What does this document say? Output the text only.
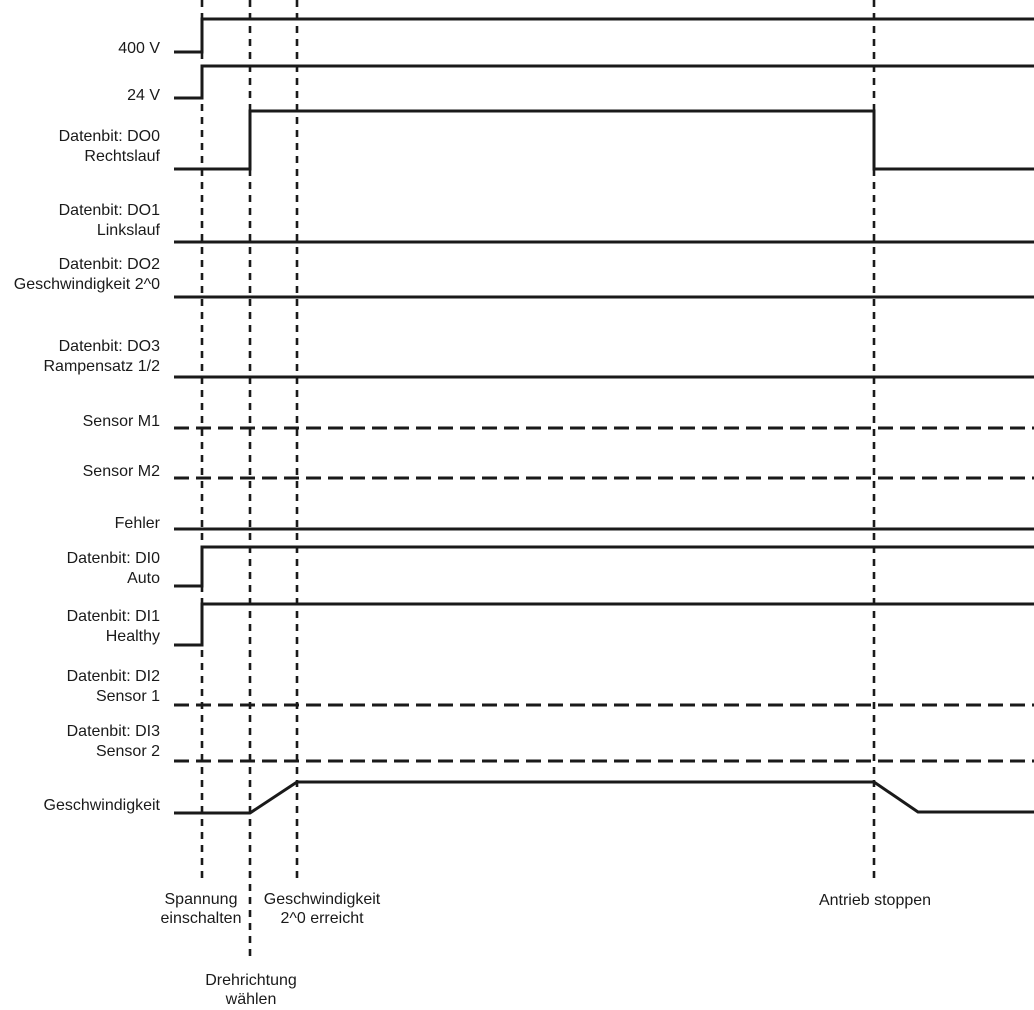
400 V
24 V
Datenbit: DO0
Rechtslauf
Datenbit: DO1
Linkslauf
Datenbit: DO2
Geschwindigkeit 2^0
Datenbit: DO3
Rampensatz 1/2
Sensor M1
Sensor M2
Fehler
Datenbit: DI0
Auto
Datenbit: DI1
Healthy
Datenbit: DI2
Sensor 1
Datenbit: DI3
Sensor 2
Geschwindigkeit
Spannung
einschalten
Geschwindigkeit
2^0 erreicht
Antrieb stoppen
Drehrichtung
wählen
